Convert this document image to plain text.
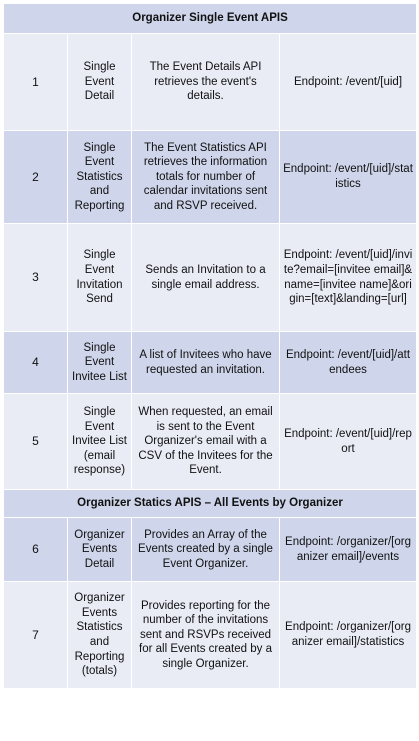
Organizer Single Event APIS			
1	Single Event Detail	The Event Details API retrieves the event's details.	Endpoint: /event/[uid]
2	Single Event Statistics and Reporting	The Event Statistics API retrieves the information totals for number of calendar invitations sent and RSVP received.	Endpoint: /event/[uid]/statistics
3	Single Event Invitation Send	Sends an Invitation to a single email address.	Endpoint: /event/[uid]/invite?email=[invitee email]&name=[invitee name]&origin=[text]&landing=[url]
4	Single Event Invitee List	A list of Invitees who have requested an invitation.	Endpoint: /event/[uid]/attendees
5	Single Event Invitee List (email response)	When requested, an email is sent to the Event Organizer's email with a CSV of the Invitees for the Event.	Endpoint: /event/[uid]/report
Organizer Statics APIS – All Events by Organizer			
6	Organizer Events Detail	Provides an Array of the Events created by a single Event Organizer.	Endpoint: /organizer/[organizer email]/events
7	Organizer Events Statistics and Reporting (totals)	Provides reporting for the number of the invitations sent and RSVPs received for all Events created by a single Organizer.	Endpoint: /organizer/[organizer email]/statistics
